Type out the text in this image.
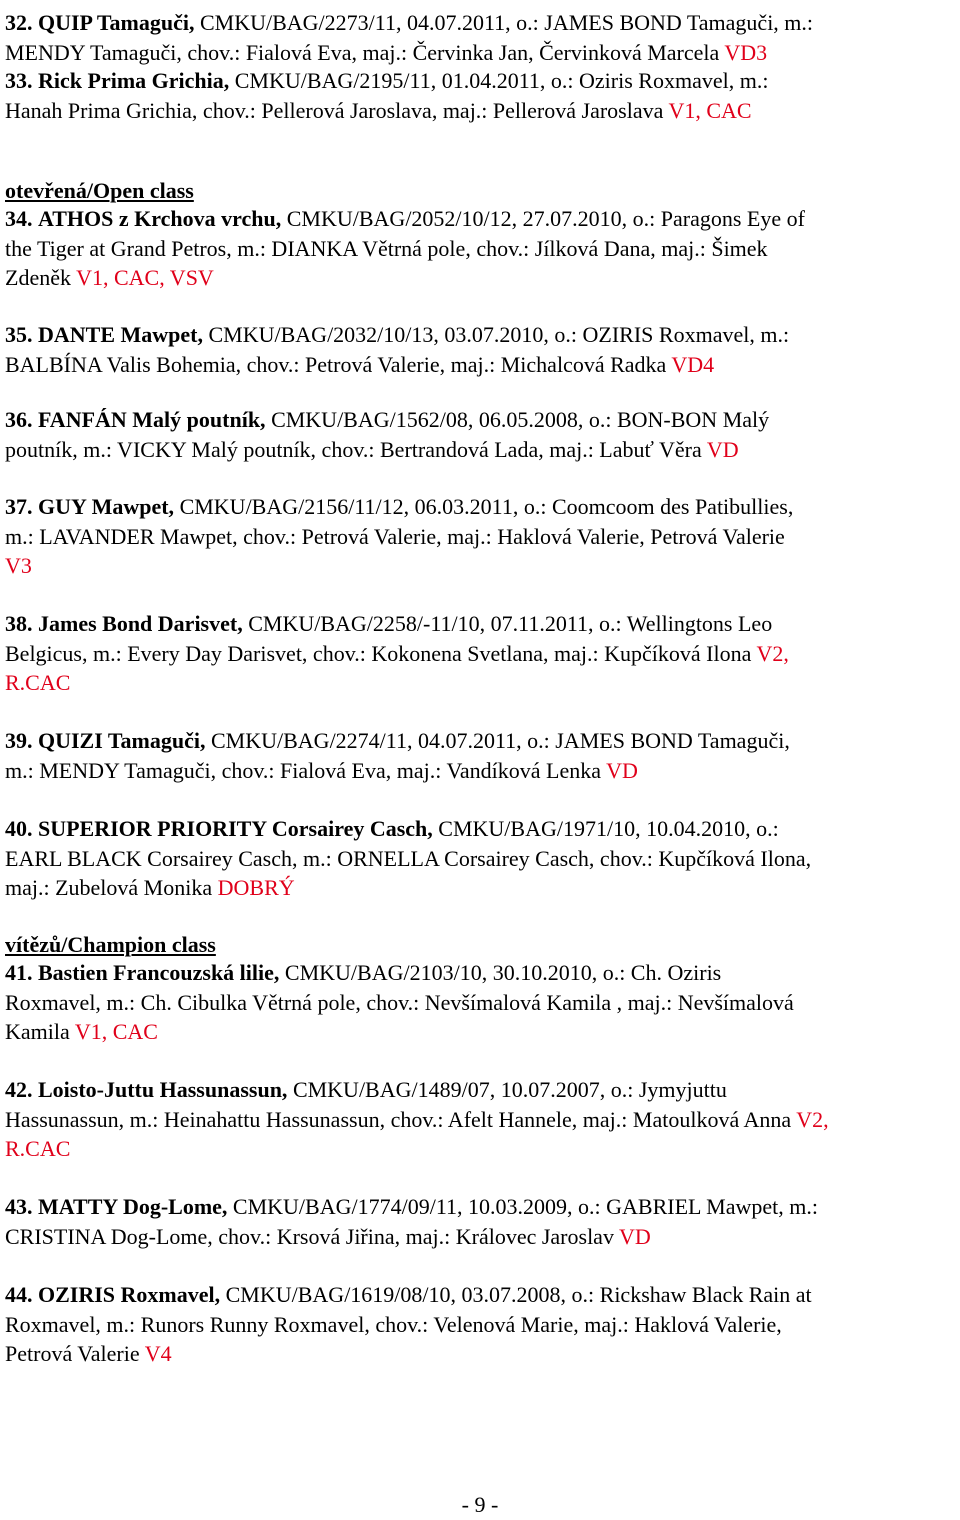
32. QUIP Tamaguči, CMKU/BAG/2273/11, 04.07.2011, o.: JAMES BOND Tamaguči, m.:
MENDY Tamaguči, chov.: Fialová Eva, maj.: Červinka Jan, Červinková Marcela VD3
33. Rick Prima Grichia, CMKU/BAG/2195/11, 01.04.2011, o.: Oziris Roxmavel, m.:
Hanah Prima Grichia, chov.: Pellerová Jaroslava, maj.: Pellerová Jaroslava V1, CAC
otevřená/Open class
34. ATHOS z Krchova vrchu, CMKU/BAG/2052/10/12, 27.07.2010, o.: Paragons Eye of
the Tiger at Grand Petros, m.: DIANKA Větrná pole, chov.: Jílková Dana, maj.: Šimek
Zdeněk V1, CAC, VSV
35. DANTE Mawpet, CMKU/BAG/2032/10/13, 03.07.2010, o.: OZIRIS Roxmavel, m.:
BALBÍNA Valis Bohemia, chov.: Petrová Valerie, maj.: Michalcová Radka VD4
36. FANFÁN Malý poutník, CMKU/BAG/1562/08, 06.05.2008, o.: BON-BON Malý
poutník, m.: VICKY Malý poutník, chov.: Bertrandová Lada, maj.: Labuť Věra VD
37. GUY Mawpet, CMKU/BAG/2156/11/12, 06.03.2011, o.: Coomcoom des Patibullies,
m.: LAVANDER Mawpet, chov.: Petrová Valerie, maj.: Haklová Valerie, Petrová Valerie
V3
38. James Bond Darisvet, CMKU/BAG/2258/-11/10, 07.11.2011, o.: Wellingtons Leo
Belgicus, m.: Every Day Darisvet, chov.: Kokonena Svetlana, maj.: Kupčíková Ilona V2,
R.CAC
39. QUIZI Tamaguči, CMKU/BAG/2274/11, 04.07.2011, o.: JAMES BOND Tamaguči,
m.: MENDY Tamaguči, chov.: Fialová Eva, maj.: Vandíková Lenka VD
40. SUPERIOR PRIORITY Corsairey Casch, CMKU/BAG/1971/10, 10.04.2010, o.:
EARL BLACK Corsairey Casch, m.: ORNELLA Corsairey Casch, chov.: Kupčíková Ilona,
maj.: Zubelová Monika DOBRÝ
vítězů/Champion class
41. Bastien Francouzská lilie, CMKU/BAG/2103/10, 30.10.2010, o.: Ch. Oziris
Roxmavel, m.: Ch. Cibulka Větrná pole, chov.: Nevšímalová Kamila , maj.: Nevšímalová
Kamila V1, CAC
42. Loisto-Juttu Hassunassun, CMKU/BAG/1489/07, 10.07.2007, o.: Jymyjuttu
Hassunassun, m.: Heinahattu Hassunassun, chov.: Afelt Hannele, maj.: Matoulková Anna V2,
R.CAC
43. MATTY Dog-Lome, CMKU/BAG/1774/09/11, 10.03.2009, o.: GABRIEL Mawpet, m.:
CRISTINA Dog-Lome, chov.: Krsová Jiřina, maj.: Královec Jaroslav VD
44. OZIRIS Roxmavel, CMKU/BAG/1619/08/10, 03.07.2008, o.: Rickshaw Black Rain at
Roxmavel, m.: Runors Runny Roxmavel, chov.: Velenová Marie, maj.: Haklová Valerie,
Petrová Valerie V4
- 9 -
